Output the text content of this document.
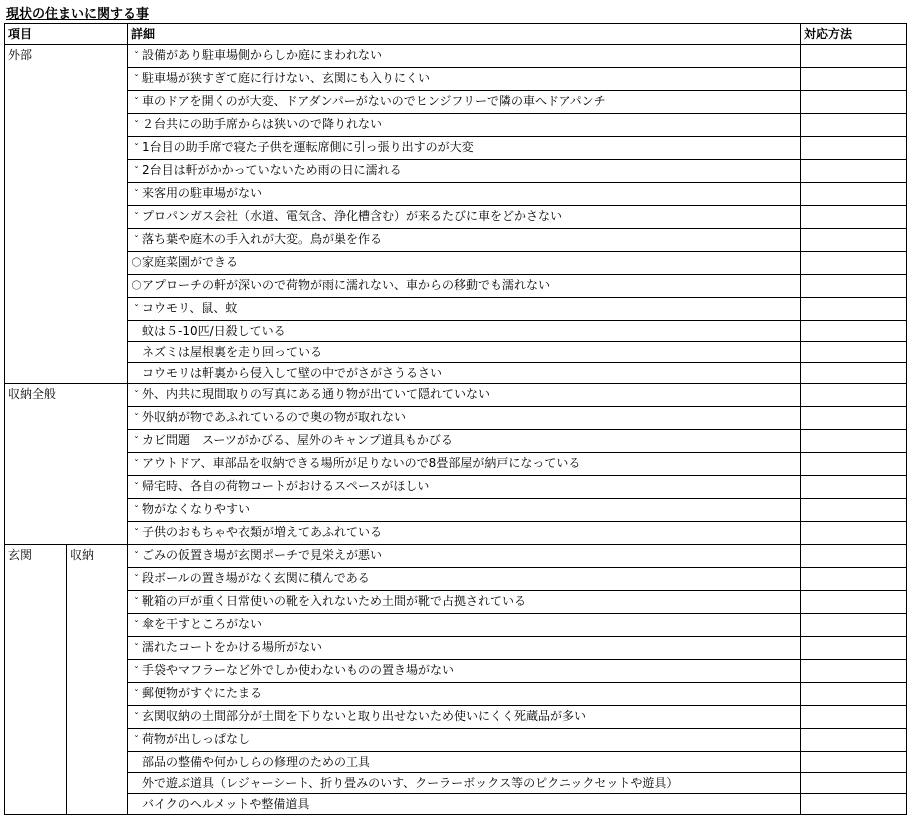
現状の住まいに関する事
項目		詳細	対応方法
外部		ˇ 設備があり駐車場側からしか庭にまわれない	
		ˇ 駐車場が狭すぎて庭に行けない、玄関にも入りにくい	
		ˇ 車のドアを開くのが大変、ドアダンパーがないのでヒンジフリーで隣の車へドアパンチ	
		ˇ ２台共にの助手席からは狭いので降りれない	
		ˇ 1台目の助手席で寝た子供を運転席側に引っ張り出すのが大変	
		ˇ 2台目は軒がかかっていないため雨の日に濡れる	
		ˇ 来客用の駐車場がない	
		ˇ プロパンガス会社（水道、電気含、浄化槽含む）が来るたびに車をどかさない	
		ˇ 落ち葉や庭木の手入れが大変。鳥が巣を作る	
		〇家庭菜園ができる	
		〇アプローチの軒が深いので荷物が雨に濡れない、車からの移動でも濡れない	
		ˇ コウモリ、鼠、蚊	
		蚊は５-10匹/日殺している	
		ネズミは屋根裏を走り回っている	
		コウモリは軒裏から侵入して壁の中でがさがさうるさい	
収納全般		ˇ 外、内共に現間取りの写真にある通り物が出ていて隠れていない	
		ˇ 外収納が物であふれているので奥の物が取れない	
		ˇ カビ問題　スーツがかびる、屋外のキャンプ道具もかびる	
		ˇ アウトドア、車部品を収納できる場所が足りないので8畳部屋が納戸になっている	
		ˇ 帰宅時、各自の荷物コートがおけるスペースがほしい	
		ˇ 物がなくなりやすい	
		ˇ 子供のおもちゃや衣類が増えてあふれている	
玄関	収納	ˇ ごみの仮置き場が玄関ポーチで見栄えが悪い	
		ˇ 段ボールの置き場がなく玄関に積んである	
		ˇ 靴箱の戸が重く日常使いの靴を入れないため土間が靴で占拠されている	
		ˇ 傘を干すところがない	
		ˇ 濡れたコートをかける場所がない	
		ˇ 手袋やマフラーなど外でしか使わないものの置き場がない	
		ˇ 郵便物がすぐにたまる	
		ˇ 玄関収納の土間部分が土間を下りないと取り出せないため使いにくく死蔵品が多い	
		ˇ 荷物が出しっぱなし	
		部品の整備や何かしらの修理のための工具	
		外で遊ぶ道具（レジャーシート、折り畳みのいす、クーラーボックス等のピクニックセットや遊具）	
		バイクのヘルメットや整備道具	
